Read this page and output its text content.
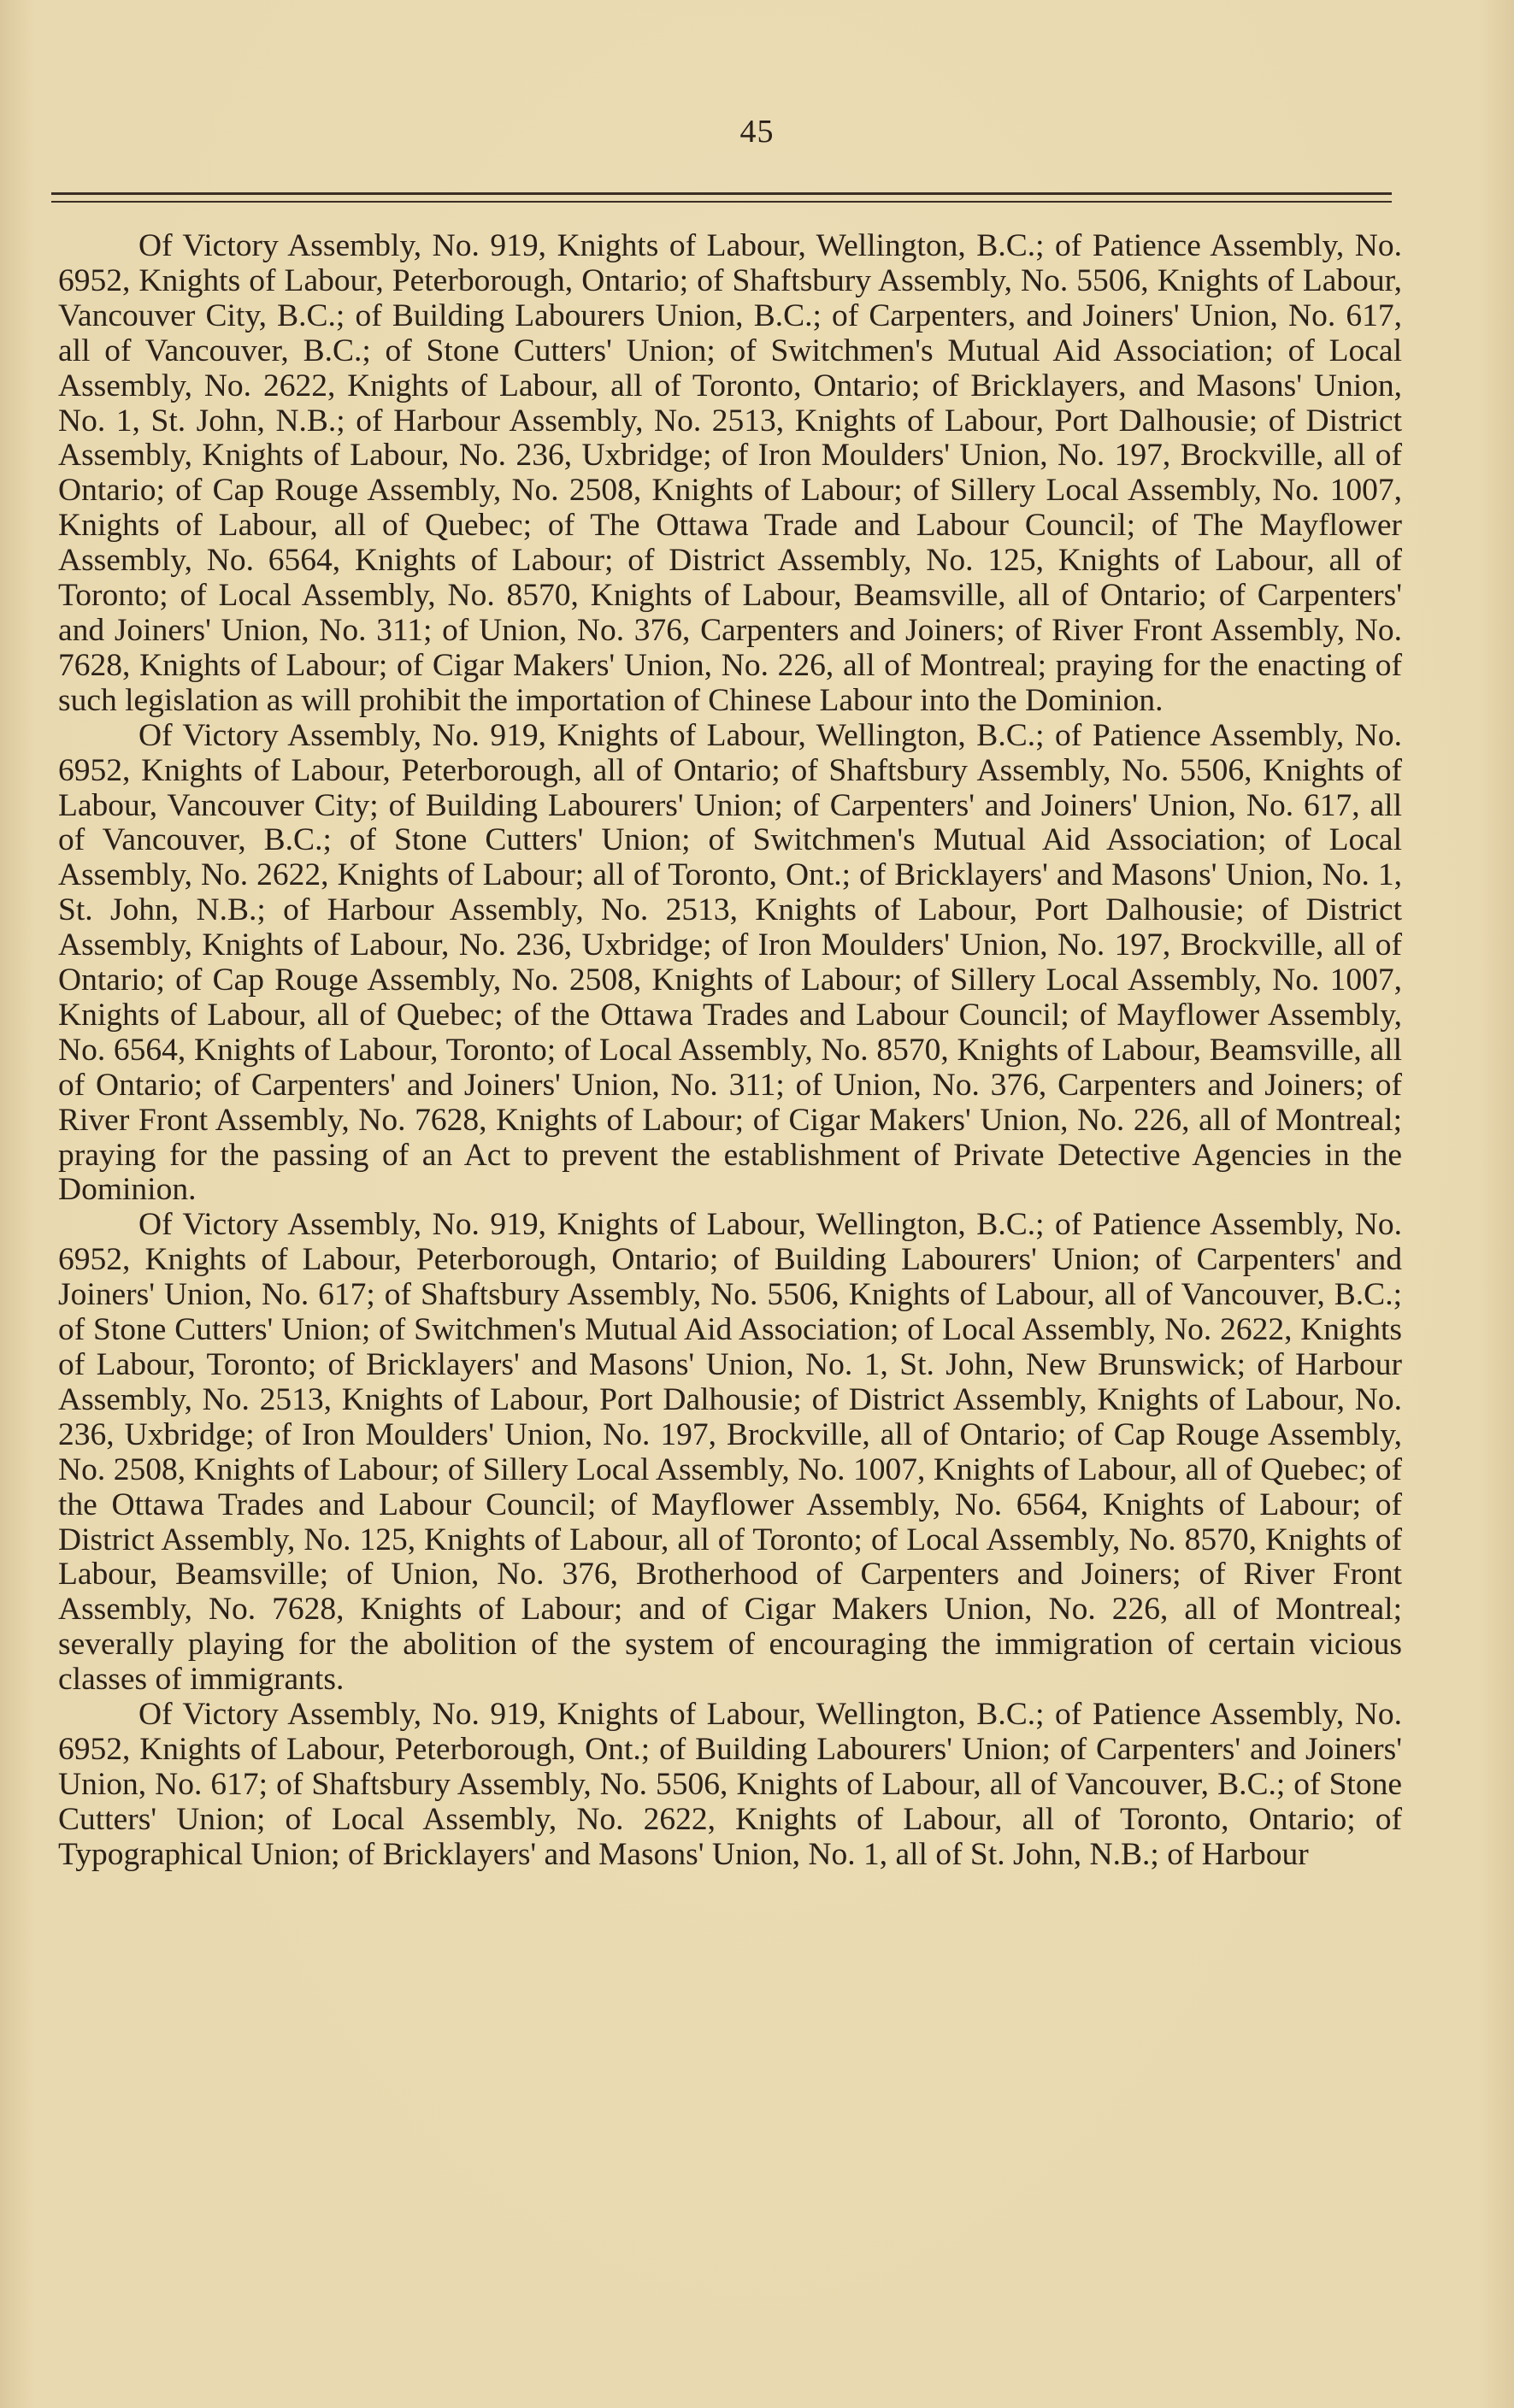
45

Of Victory Assembly, No. 919, Knights of Labour, Wellington, B.C.; of Patience Assembly, No. 6952, Knights of Labour, Peterborough, Ontario; of Shaftsbury Assembly, No. 5506, Knights of Labour, Vancouver City, B.C.; of Building Labourers Union, B.C.; of Carpenters, and Joiners' Union, No. 617, all of Vancouver, B.C.; of Stone Cutters' Union; of Switchmen's Mutual Aid Association; of Local Assembly, No. 2622, Knights of Labour, all of Toronto, Ontario; of Bricklayers, and Masons' Union, No. 1, St. John, N.B.; of Harbour Assembly, No. 2513, Knights of Labour, Port Dalhousie; of District Assembly, Knights of Labour, No. 236, Uxbridge; of Iron Moulders' Union, No. 197, Brockville, all of Ontario; of Cap Rouge Assembly, No. 2508, Knights of Labour; of Sillery Local Assembly, No. 1007, Knights of Labour, all of Quebec; of The Ottawa Trade and Labour Council; of The Mayflower Assembly, No. 6564, Knights of Labour; of District Assembly, No. 125, Knights of Labour, all of Toronto; of Local Assembly, No. 8570, Knights of Labour, Beamsville, all of Ontario; of Carpenters' and Joiners' Union, No. 311; of Union, No. 376, Carpenters and Joiners; of River Front Assembly, No. 7628, Knights of Labour; of Cigar Makers' Union, No. 226, all of Montreal; praying for the enacting of such legislation as will prohibit the importation of Chinese Labour into the Dominion.

Of Victory Assembly, No. 919, Knights of Labour, Wellington, B.C.; of Patience Assembly, No. 6952, Knights of Labour, Peterborough, all of Ontario; of Shaftsbury Assembly, No. 5506, Knights of Labour, Vancouver City; of Building Labourers' Union; of Carpenters' and Joiners' Union, No. 617, all of Vancouver, B.C.; of Stone Cutters' Union; of Switchmen's Mutual Aid Association; of Local Assembly, No. 2622, Knights of Labour; all of Toronto, Ont.; of Bricklayers' and Masons' Union, No. 1, St. John, N.B.; of Harbour Assembly, No. 2513, Knights of Labour, Port Dalhousie; of District Assembly, Knights of Labour, No. 236, Uxbridge; of Iron Moulders' Union, No. 197, Brockville, all of Ontario; of Cap Rouge Assembly, No. 2508, Knights of Labour; of Sillery Local Assembly, No. 1007, Knights of Labour, all of Quebec; of the Ottawa Trades and Labour Council; of Mayflower Assembly, No. 6564, Knights of Labour, Toronto; of Local Assembly, No. 8570, Knights of Labour, Beamsville, all of Ontario; of Carpenters' and Joiners' Union, No. 311; of Union, No. 376, Carpenters and Joiners; of River Front Assembly, No. 7628, Knights of Labour; of Cigar Makers' Union, No. 226, all of Montreal; praying for the passing of an Act to prevent the establishment of Private Detective Agencies in the Dominion.

Of Victory Assembly, No. 919, Knights of Labour, Wellington, B.C.; of Patience Assembly, No. 6952, Knights of Labour, Peterborough, Ontario; of Building Labourers' Union; of Carpenters' and Joiners' Union, No. 617; of Shaftsbury Assembly, No. 5506, Knights of Labour, all of Vancouver, B.C.; of Stone Cutters' Union; of Switchmen's Mutual Aid Association; of Local Assembly, No. 2622, Knights of Labour, Toronto; of Bricklayers' and Masons' Union, No. 1, St. John, New Brunswick; of Harbour Assembly, No. 2513, Knights of Labour, Port Dalhousie; of District Assembly, Knights of Labour, No. 236, Uxbridge; of Iron Moulders' Union, No. 197, Brockville, all of Ontario; of Cap Rouge Assembly, No. 2508, Knights of Labour; of Sillery Local Assembly, No. 1007, Knights of Labour, all of Quebec; of the Ottawa Trades and Labour Council; of Mayflower Assembly, No. 6564, Knights of Labour; of District Assembly, No. 125, Knights of Labour, all of Toronto; of Local Assembly, No. 8570, Knights of Labour, Beamsville; of Union, No. 376, Brotherhood of Carpenters and Joiners; of River Front Assembly, No. 7628, Knights of Labour; and of Cigar Makers Union, No. 226, all of Montreal; severally playing for the abolition of the system of encouraging the immigration of certain vicious classes of immigrants.

Of Victory Assembly, No. 919, Knights of Labour, Wellington, B.C.; of Patience Assembly, No. 6952, Knights of Labour, Peterborough, Ont.; of Building Labourers' Union; of Carpenters' and Joiners' Union, No. 617; of Shaftsbury Assembly, No. 5506, Knights of Labour, all of Vancouver, B.C.; of Stone Cutters' Union; of Local Assembly, No. 2622, Knights of Labour, all of Toronto, Ontario; of Typographical Union; of Bricklayers' and Masons' Union, No. 1, all of St. John, N.B.; of Harbour
